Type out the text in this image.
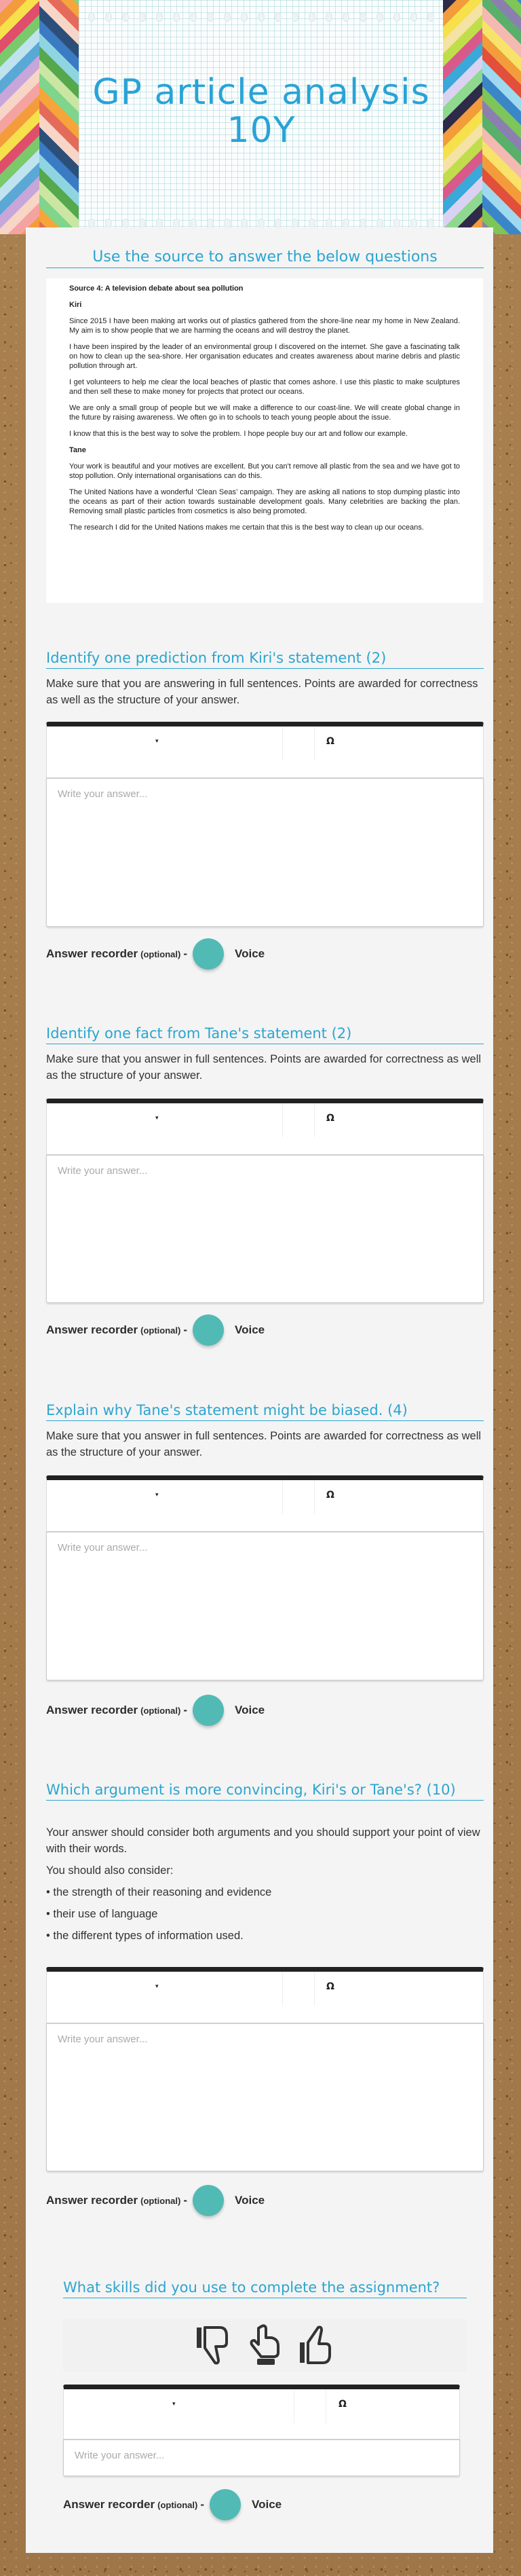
GP article analysis
10Y
Use the source to answer the below questions

Source 4: A television debate about sea pollution

Kiri

Since 2015 I have been making art works out of plastics gathered from the shore-line near my home in New Zealand. My aim is to show people that we are harming the oceans and will destroy the planet.

I have been inspired by the leader of an environmental group I discovered on the internet. She gave a fascinating talk on how to clean up the sea-shore. Her organisation educates and creates awareness about marine debris and plastic pollution through art.

I get volunteers to help me clear the local beaches of plastic that comes ashore. I use this plastic to make sculptures and then sell these to make money for projects that protect our oceans.

We are only a small group of people but we will make a difference to our coast-line. We will create global change in the future by raising awareness. We often go in to schools to teach young people about the issue.

I know that this is the best way to solve the problem. I hope people buy our art and follow our example.

Tane

Your work is beautiful and your motives are excellent. But you can't remove all plastic from the sea and we have got to stop pollution. Only international organisations can do this.

The United Nations have a wonderful ‘Clean Seas’ campaign. They are asking all nations to stop dumping plastic into the oceans as part of their action towards sustainable development goals. Many celebrities are backing the plan. Removing small plastic particles from cosmetics is also being promoted.

The research I did for the United Nations makes me certain that this is the best way to clean up our oceans.

Identify one prediction from Kiri's statement (2)

Make sure that you are answering in full sentences. Points are awarded for correctness as well as the structure of your answer.

▾	Ω
Write your answer...
Answer recorder (optional) -	Voice
Identify one fact from Tane's statement (2)

Make sure that you answer in full sentences. Points are awarded for correctness as well as the structure of your answer.

▾	Ω
Write your answer...
Answer recorder (optional) -	Voice
Explain why Tane's statement might be biased. (4)

Make sure that you answer in full sentences. Points are awarded for correctness as well as the structure of your answer.

▾	Ω
Write your answer...
Answer recorder (optional) -	Voice
Which argument is more convincing, Kiri's or Tane's? (10)

Your answer should consider both arguments and you should support your point of view with their words.

You should also consider:

• the strength of their reasoning and evidence

• their use of language

• the different types of information used.

▾	Ω
Write your answer...
Answer recorder (optional) -	Voice
What skills did you use to complete the assignment?
▾	Ω
Write your answer...
Answer recorder (optional) -	Voice
